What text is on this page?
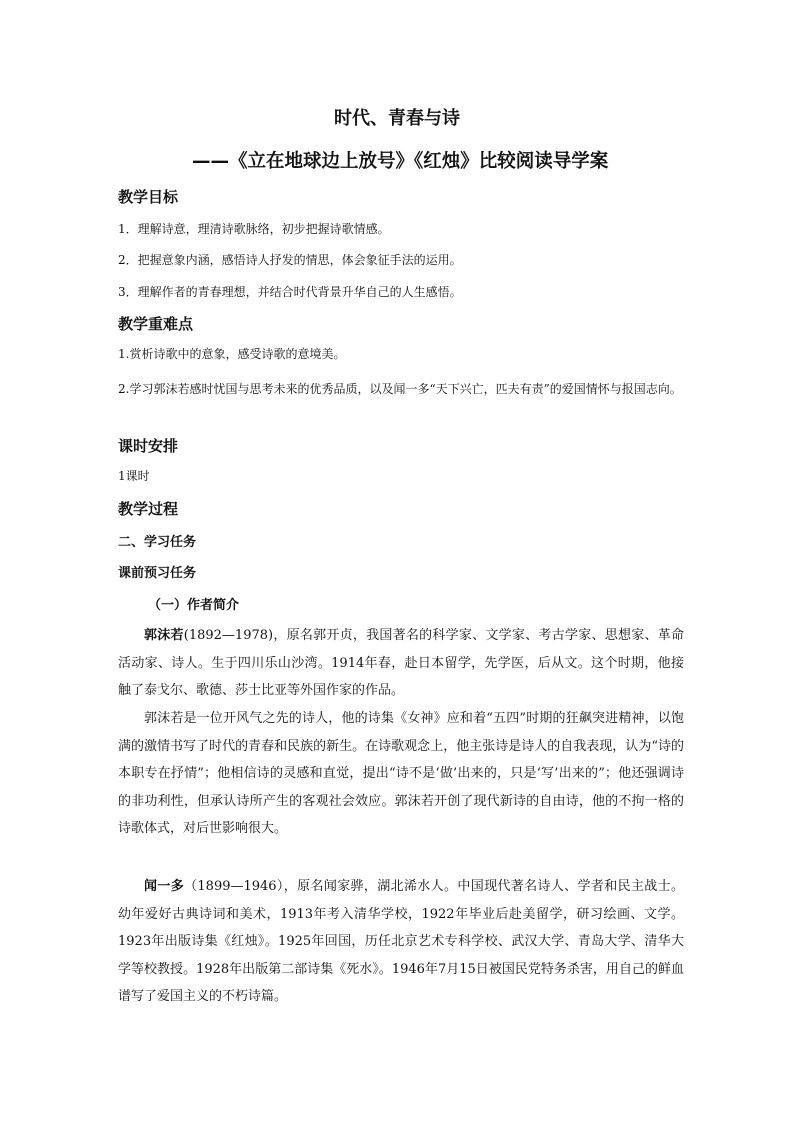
时代、青春与诗
——《立在地球边上放号》《红烛》比较阅读导学案
教学目标
1．理解诗意，理清诗歌脉络，初步把握诗歌情感。
2．把握意象内涵，感悟诗人抒发的情思，体会象征手法的运用。
3．理解作者的青春理想，并结合时代背景升华自己的人生感悟。
教学重难点
1.赏析诗歌中的意象，感受诗歌的意境美。
2.学习郭沫若感时忧国与思考未来的优秀品质，以及闻一多“天下兴亡，匹夫有责”的爱国情怀与报国志向。
课时安排
1课时
教学过程
二、学习任务
课前预习任务
（一）作者简介
郭沫若(1892—1978)，原名郭开贞，我国著名的科学家、文学家、考古学家、思想家、革命活动家、诗人。生于四川乐山沙湾。1914年春，赴日本留学，先学医，后从文。这个时期，他接触了泰戈尔、歌德、莎士比亚等外国作家的作品。
郭沫若是一位开风气之先的诗人，他的诗集《女神》应和着“五四”时期的狂飙突进精神，以饱满的激情书写了时代的青春和民族的新生。在诗歌观念上，他主张诗是诗人的自我表现，认为“诗的本职专在抒情”；他相信诗的灵感和直觉，提出“诗不是‘做’出来的，只是‘写’出来的”；他还强调诗的非功利性，但承认诗所产生的客观社会效应。郭沫若开创了现代新诗的自由诗，他的不拘一格的诗歌体式，对后世影响很大。
闻一多（1899—1946），原名闻家骅，湖北浠水人。中国现代著名诗人、学者和民主战士。幼年爱好古典诗词和美术，1913年考入清华学校，1922年毕业后赴美留学，研习绘画、文学。1923年出版诗集《红烛》。1925年回国，历任北京艺术专科学校、武汉大学、青岛大学、清华大学等校教授。1928年出版第二部诗集《死水》。1946年7月15日被国民党特务杀害，用自己的鲜血谱写了爱国主义的不朽诗篇。
